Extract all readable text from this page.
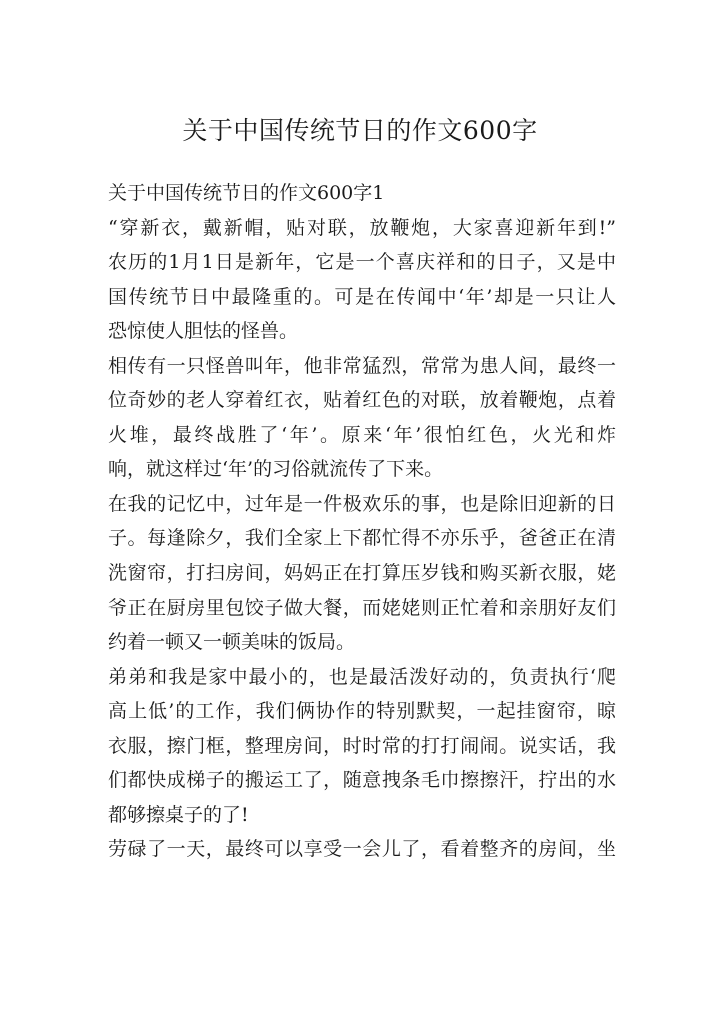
关于中国传统节日的作文600字
关于中国传统节日的作文600字1
“穿新衣，戴新帽，贴对联，放鞭炮，大家喜迎新年到!”
农历的1月1日是新年，它是一个喜庆祥和的日子，又是中
国传统节日中最隆重的。可是在传闻中‘年’却是一只让人
恐惊使人胆怯的怪兽。
相传有一只怪兽叫年，他非常猛烈，常常为患人间，最终一
位奇妙的老人穿着红衣，贴着红色的对联，放着鞭炮，点着
火堆，最终战胜了‘年’。原来‘年’很怕红色，火光和炸
响，就这样过‘年’的习俗就流传了下来。
在我的记忆中，过年是一件极欢乐的事，也是除旧迎新的日
子。每逢除夕，我们全家上下都忙得不亦乐乎，爸爸正在清
洗窗帘，打扫房间，妈妈正在打算压岁钱和购买新衣服，姥
爷正在厨房里包饺子做大餐，而姥姥则正忙着和亲朋好友们
约着一顿又一顿美味的饭局。
弟弟和我是家中最小的，也是最活泼好动的，负责执行‘爬
高上低’的工作，我们俩协作的特别默契，一起挂窗帘，晾
衣服，擦门框，整理房间，时时常的打打闹闹。说实话，我
们都快成梯子的搬运工了，随意拽条毛巾擦擦汗，拧出的水
都够擦桌子的了!
劳碌了一天，最终可以享受一会儿了，看着整齐的房间，坐
